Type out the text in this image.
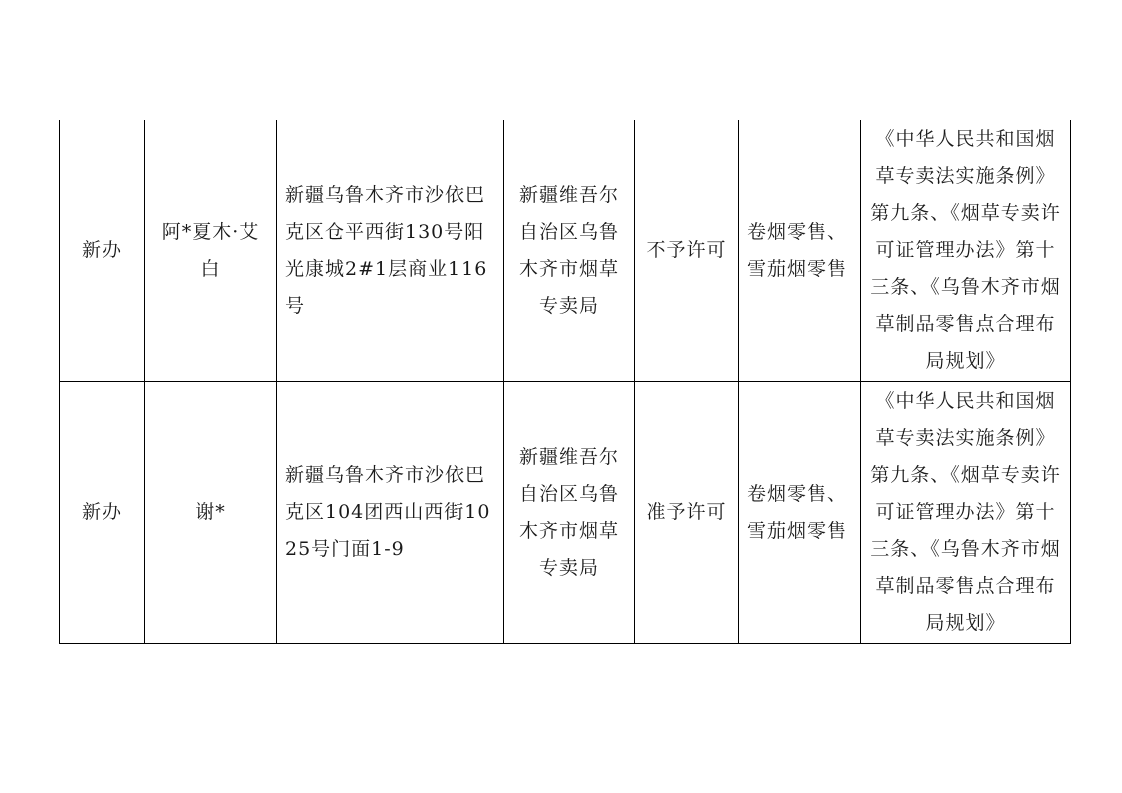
新办	阿*夏木·艾白	新疆乌鲁木齐市沙依巴克区仓平西街130号阳光康城2#1层商业116号	新疆维吾尔自治区乌鲁木齐市烟草专卖局	不予许可	卷烟零售、雪茄烟零售	《中华人民共和国烟草专卖法实施条例》第九条、《烟草专卖许可证管理办法》第十三条、《乌鲁木齐市烟草制品零售点合理布局规划》

新办	谢*	新疆乌鲁木齐市沙依巴克区104团西山西街1025号门面1-9	新疆维吾尔自治区乌鲁木齐市烟草专卖局	准予许可	卷烟零售、雪茄烟零售	《中华人民共和国烟草专卖法实施条例》第九条、《烟草专卖许可证管理办法》第十三条、《乌鲁木齐市烟草制品零售点合理布局规划》
